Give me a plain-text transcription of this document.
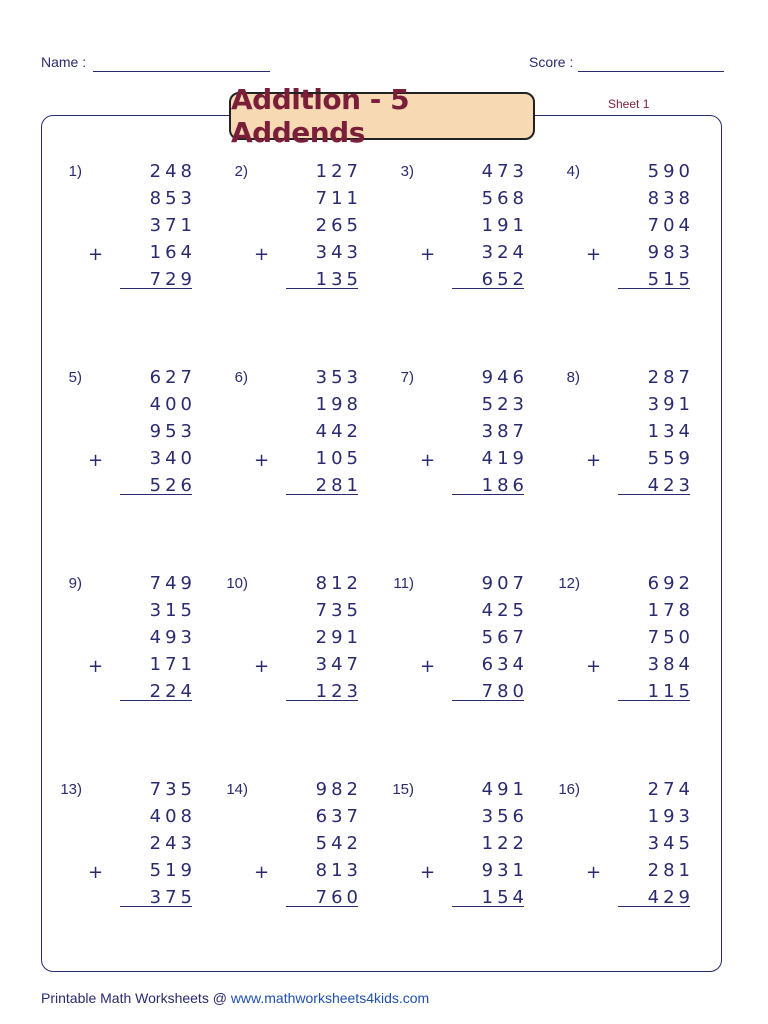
Name :	Score :
Addition - 5 Addends
Sheet 1
1)	248
853
371
164
729
+
2)	127
711
265
343
135
+
3)	473
568
191
324
652
+
4)	590
838
704
983
515
+
5)	627
400
953
340
526
+
6)	353
198
442
105
281
+
7)	946
523
387
419
186
+
8)	287
391
134
559
423
+
9)	749
315
493
171
224
+
10)	812
735
291
347
123
+
11)	907
425
567
634
780
+
12)	692
178
750
384
115
+
13)	735
408
243
519
375
+
14)	982
637
542
813
760
+
15)	491
356
122
931
154
+
16)	274
193
345
281
429
+
Printable Math Worksheets @ www.mathworksheets4kids.com
